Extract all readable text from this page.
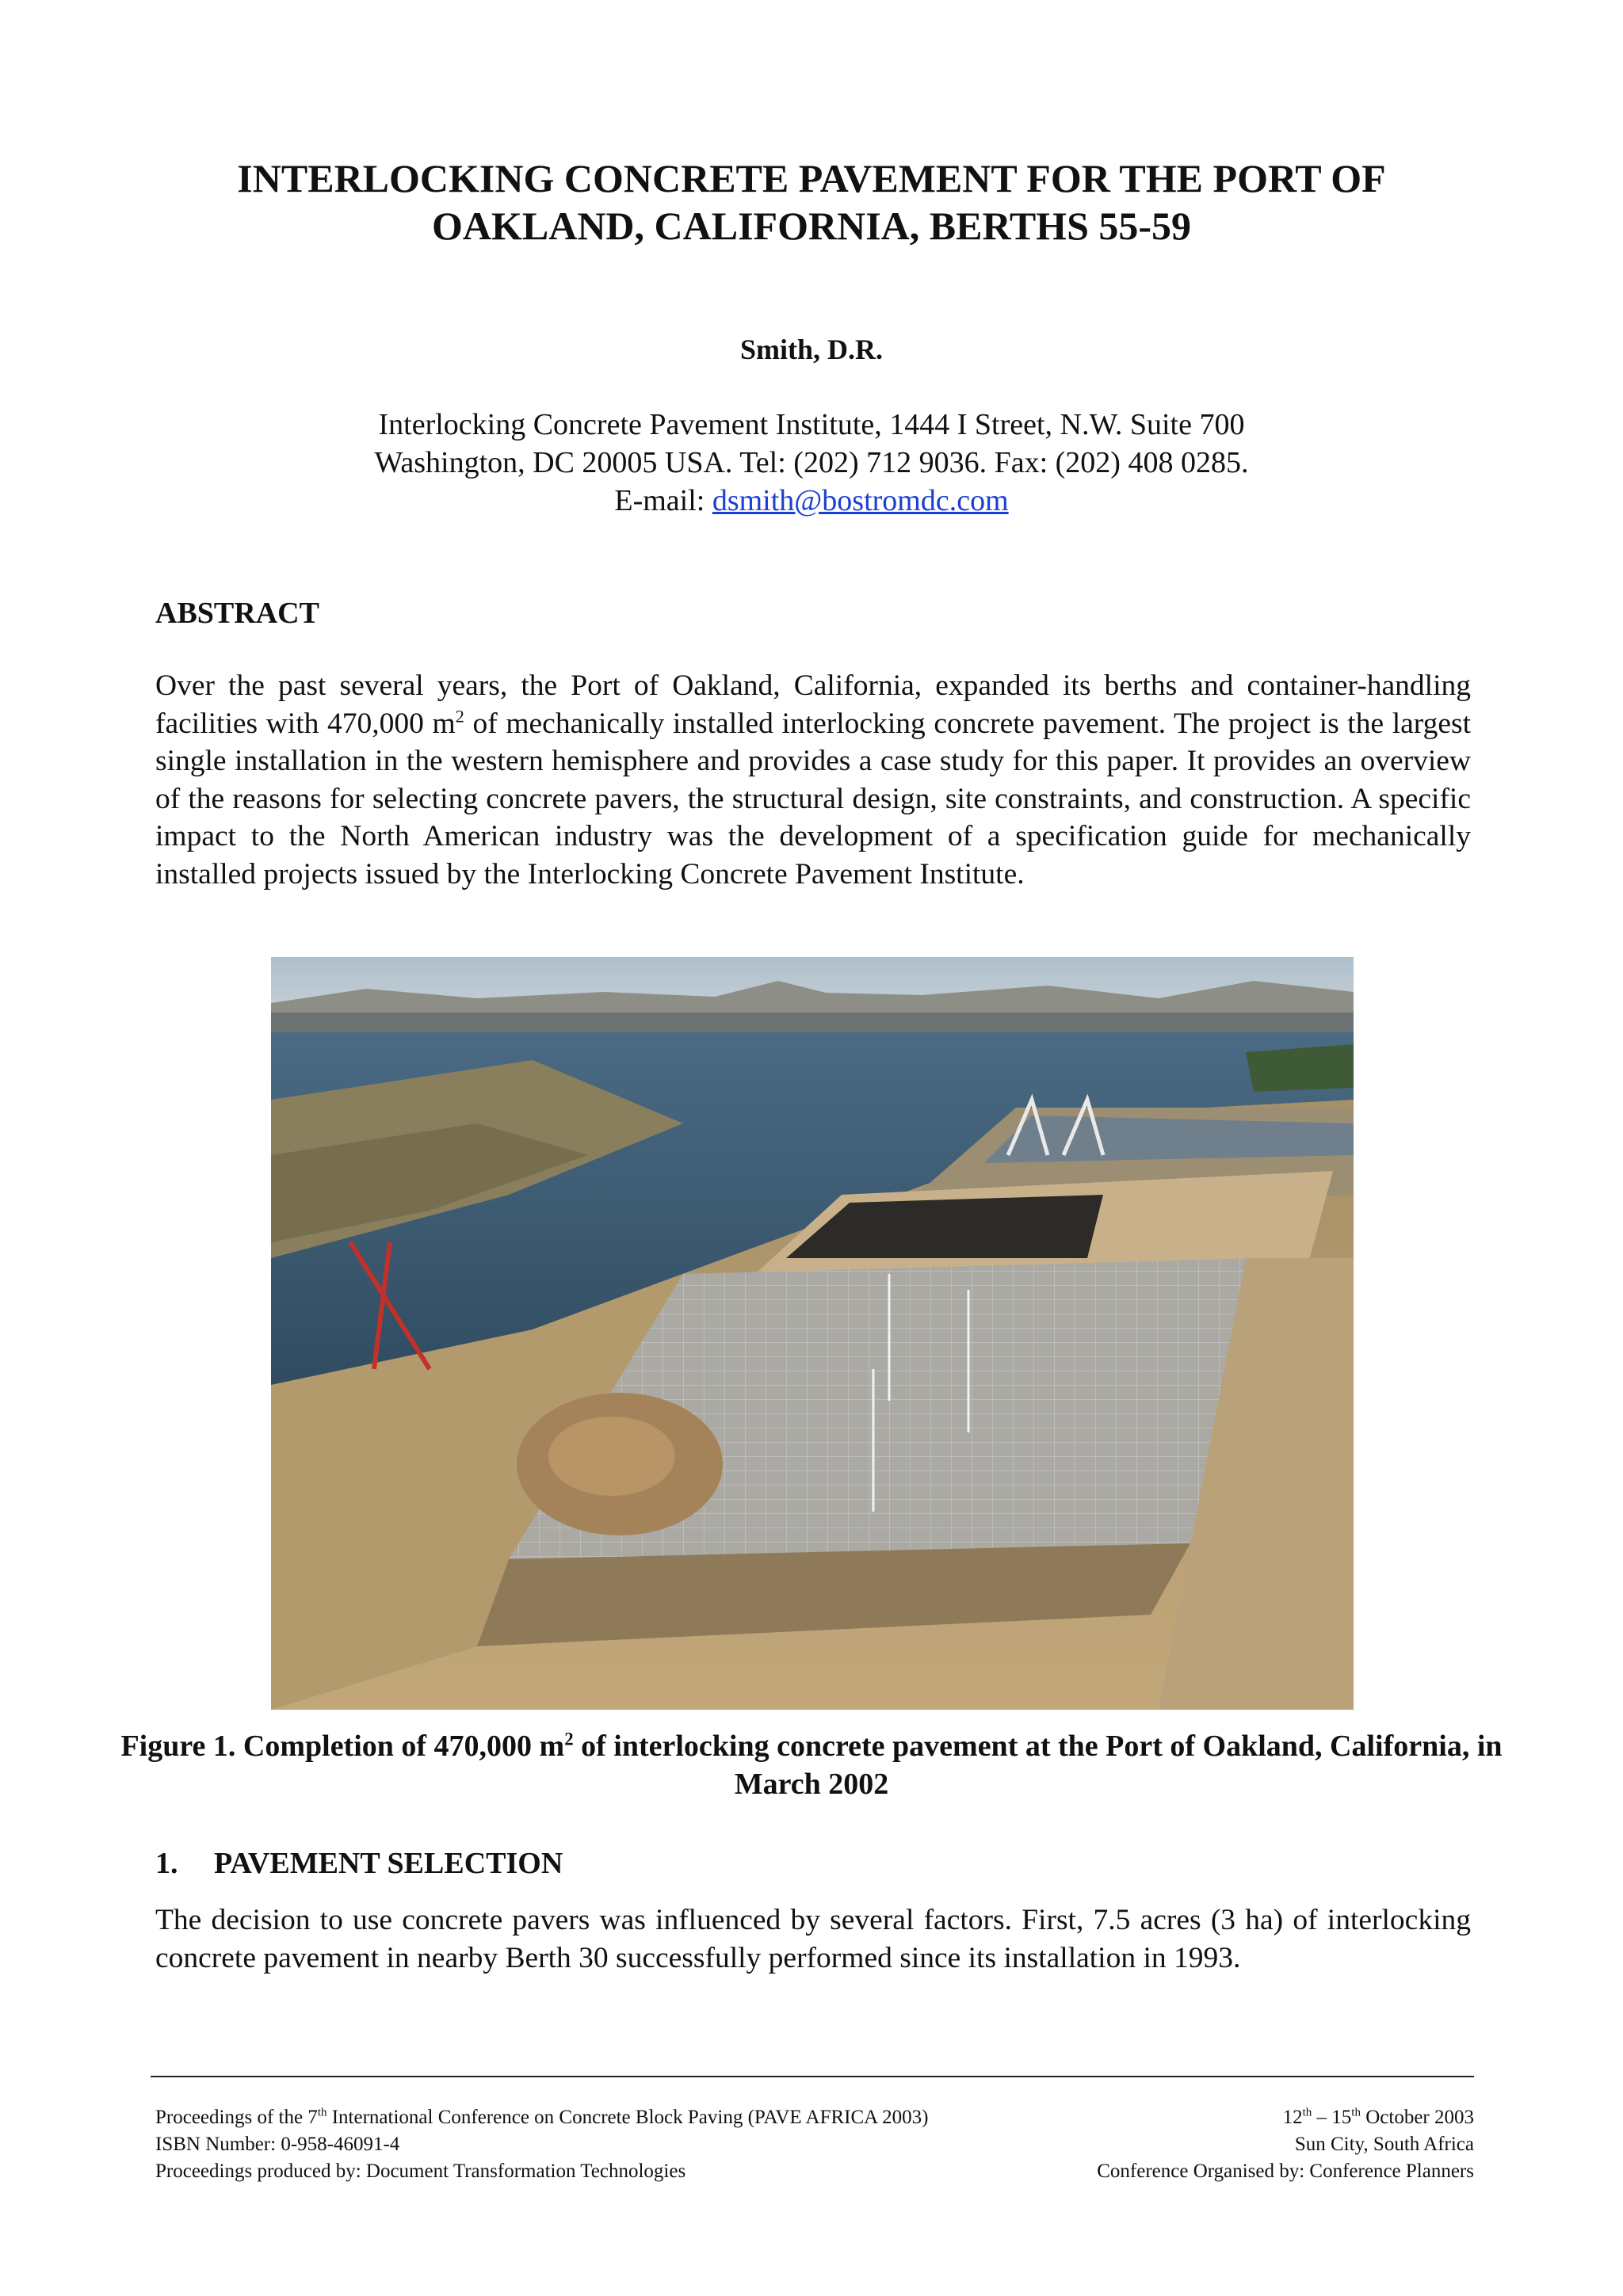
INTERLOCKING CONCRETE PAVEMENT FOR THE PORT OF
OAKLAND, CALIFORNIA, BERTHS 55-59
Smith, D.R.
Interlocking Concrete Pavement Institute, 1444 I Street, N.W. Suite 700
Washington, DC 20005 USA. Tel: (202) 712 9036. Fax: (202) 408 0285.
E-mail: dsmith@bostromdc.com
ABSTRACT
Over the past several years, the Port of Oakland, California, expanded its berths and container-handling facilities with 470,000 $m^2$ of mechanically installed interlocking concrete pavement. The project is the largest single installation in the western hemisphere and provides a case study for this paper. It provides an overview of the reasons for selecting concrete pavers, the structural design, site constraints, and construction. A specific impact to the North American industry was the development of a specification guide for mechanically installed projects issued by the Interlocking Concrete Pavement Institute.
Figure 1. Completion of 470,000 $m^2$ of interlocking concrete pavement at the Port of Oakland, California, in March 2002
1. PAVEMENT SELECTION
The decision to use concrete pavers was influenced by several factors. First, 7.5 acres (3 ha) of interlocking concrete pavement in nearby Berth 30 successfully performed since its installation in 1993.
Proceedings of the 7th International Conference on Concrete Block Paving (PAVE AFRICA 2003)
ISBN Number: 0-958-46091-4
Proceedings produced by: Document Transformation Technologies
12th – 15th October 2003
Sun City, South Africa
Conference Organised by: Conference Planners
